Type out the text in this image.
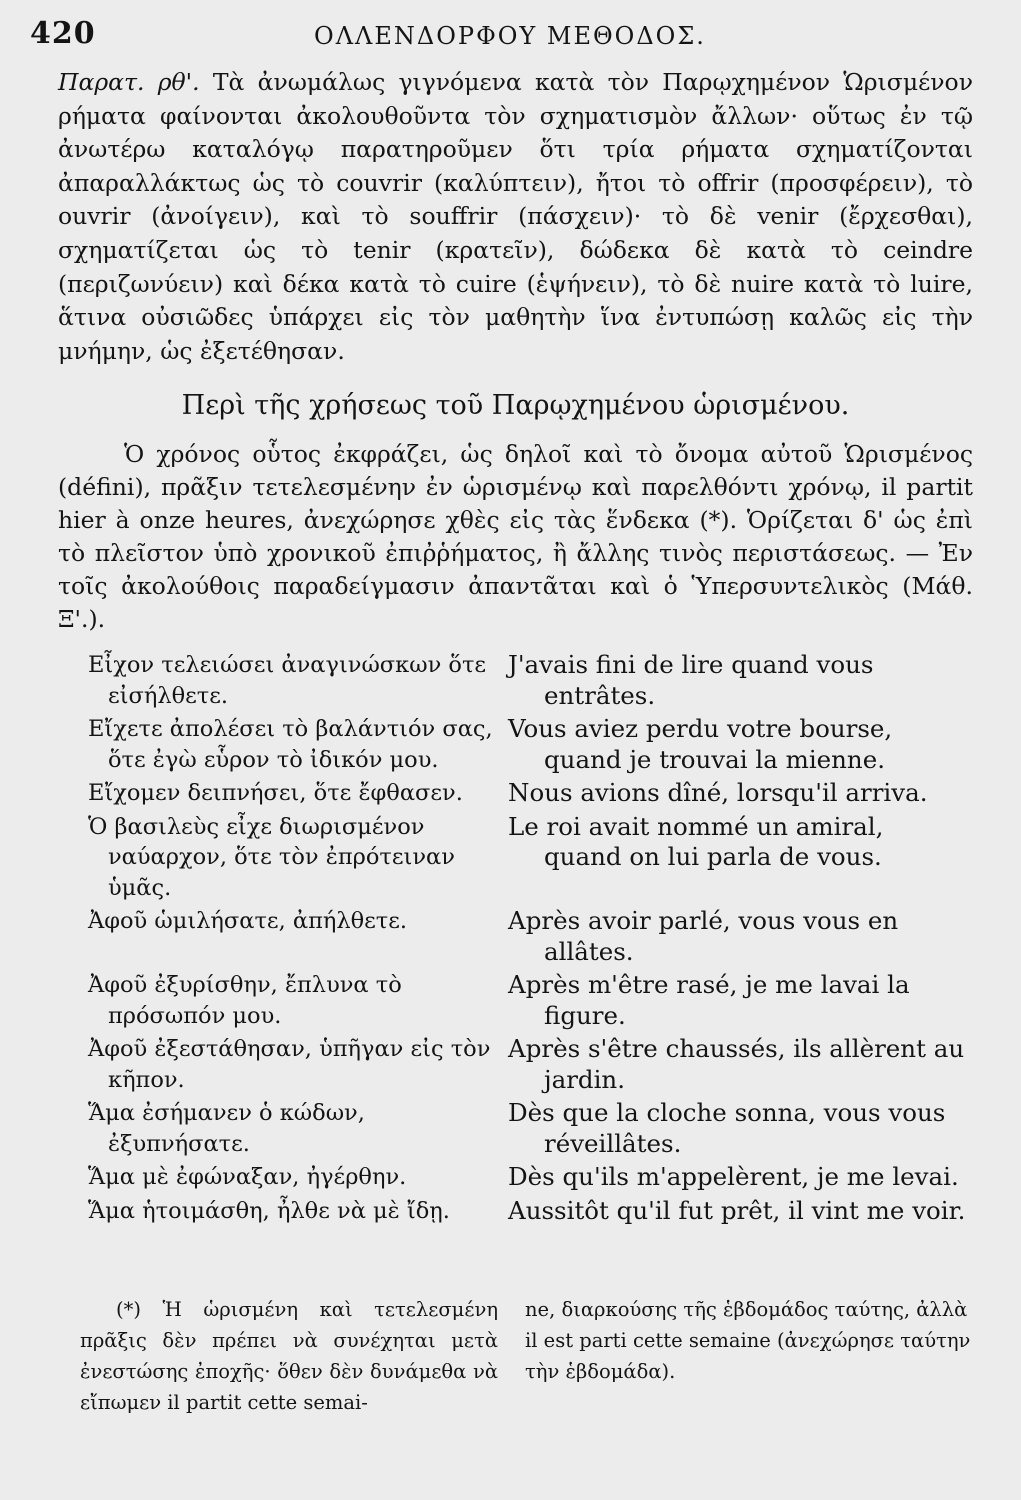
420	ΟΛΛΕΝΔΟΡΦΟΥ ΜΕΘΟΔΟΣ.

Παρατ. ρθ'. Τὰ ἀνωμάλως γιγνόμενα κατὰ τὸν Παρῳχημένον Ὡρισμένον ρήματα φαίνονται ἀκολουθοῦντα τὸν σχηματισμὸν ἄλλων· οὕτως ἐν τῷ ἀνωτέρω καταλόγῳ παρατηροῦμεν ὅτι τρία ρήματα σχηματίζονται ἀπαραλλάκτως ὡς τὸ couvrir (καλύπτειν), ἤτοι τὸ offrir (προσφέρειν), τὸ ouvrir (ἀνοίγειν), καὶ τὸ souffrir (πάσχειν)· τὸ δὲ venir (ἔρχεσθαι), σχηματίζεται ὡς τὸ tenir (κρατεῖν), δώδεκα δὲ κατὰ τὸ ceindre (περιζωνύειν) καὶ δέκα κατὰ τὸ cuire (ἑψήνειν), τὸ δὲ nuire κατὰ τὸ luire, ἅτινα οὐσιῶδες ὑπάρχει εἰς τὸν μαθητὴν ἵνα ἐντυπώσῃ καλῶς εἰς τὴν μνήμην, ὡς ἐξετέθησαν.

Περὶ τῆς χρήσεως τοῦ Παρῳχημένου ὡρισμένου.

Ὁ χρόνος οὗτος ἐκφράζει, ὡς δηλοῖ καὶ τὸ ὄνομα αὐτοῦ Ὡρισμένος (défini), πρᾶξιν τετελεσμένην ἐν ὡρισμένῳ καὶ παρελθόντι χρόνῳ, il partit hier à onze heures, ἀνεχώρησε χθὲς εἰς τὰς ἕνδεκα (*). Ὁρίζεται δ' ὡς ἐπὶ τὸ πλεῖστον ὑπὸ χρονικοῦ ἐπιῤῥήματος, ἢ ἄλλης τινὸς περιστάσεως. — Ἐν τοῖς ἀκολούθοις παραδείγμασιν ἀπαντᾶται καὶ ὁ Ὑπερσυντελικὸς (Μάθ. Ξ'.).

Εἶχον τελειώσει ἀναγινώσκων ὅτε εἰσήλθετε.
J'avais fini de lire quand vous entrâtes.
Εἴχετε ἀπολέσει τὸ βαλάντιόν σας, ὅτε ἐγὼ εὗρον τὸ ἰδικόν μου.
Vous aviez perdu votre bourse, quand je trouvai la mienne.
Εἴχομεν δειπνήσει, ὅτε ἔφθασεν.	Nous avions dîné, lorsqu'il arriva.
Ὁ βασιλεὺς εἶχε διωρισμένον ναύαρχον, ὅτε τὸν ἐπρότειναν ὑμᾶς.
Le roi avait nommé un amiral, quand on lui parla de vous.
Ἀφοῦ ὡμιλήσατε, ἀπήλθετε.	Après avoir parlé, vous vous en allâtes.
Ἀφοῦ ἐξυρίσθην, ἔπλυνα τὸ πρόσωπόν μου.
Après m'être rasé, je me lavai la figure.
Ἀφοῦ ἐξεστάθησαν, ὑπῆγαν εἰς τὸν κῆπον.
Après s'être chaussés, ils allèrent au jardin.
Ἅμα ἐσήμανεν ὁ κώδων, ἐξυπνήσατε.
Dès que la cloche sonna, vous vous réveillâtes.
Ἅμα μὲ ἐφώναξαν, ἠγέρθην.	Dès qu'ils m'appelèrent, je me levai.
Ἅμα ἡτοιμάσθη, ἦλθε νὰ μὲ ἴδῃ.	Aussitôt qu'il fut prêt, il vint me voir.
(*) Ἡ ὡρισμένη καὶ τετελεσμένη πρᾶξις δὲν πρέπει νὰ συνέχηται μετὰ ἐνεστώσης ἐποχῆς· ὅθεν δὲν δυνάμεθα νὰ εἴπωμεν il partit cette semai-
ne, διαρκούσης τῆς ἑβδομάδος ταύτης, ἀλλὰ il est parti cette semaine (ἀνεχώρησε ταύτην τὴν ἑβδομάδα).
